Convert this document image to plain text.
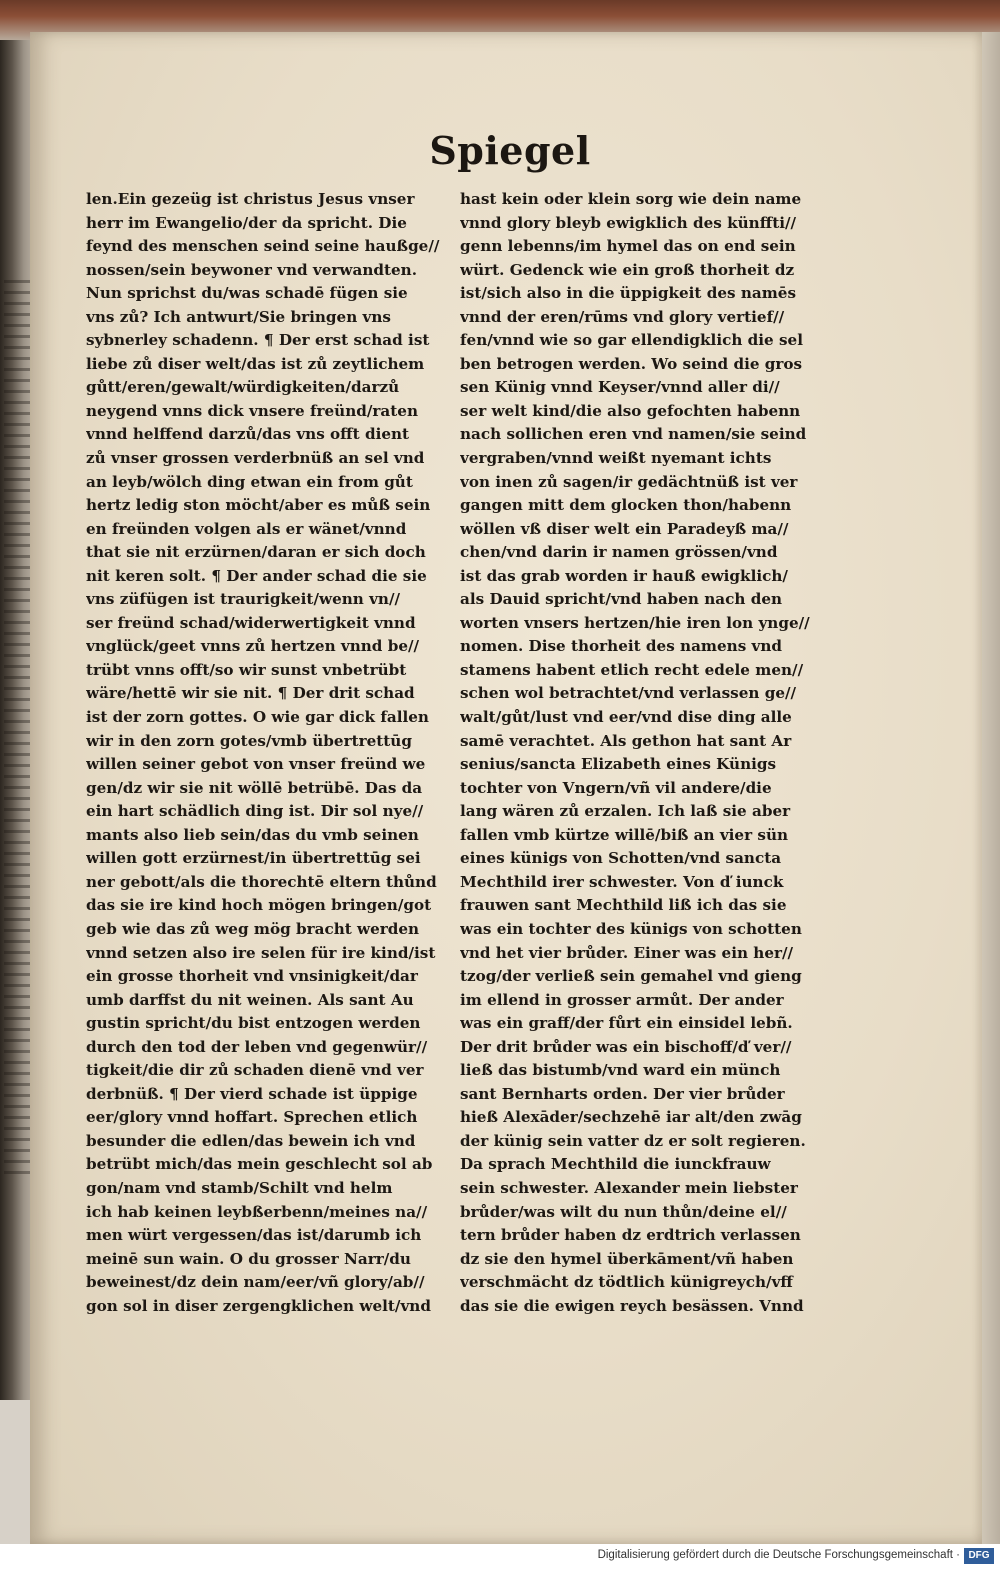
Spiegel
len.Ein gezeüg ist christus Jesus vnser
herr im Ewangelio/der da spricht. Die
feynd des menschen seind seine haußge//
nossen/sein beywoner vnd verwandten.
Nun sprichst du/was schadē fügen sie
vns zů? Ich antwurt/Sie bringen vns
sybnerley schadenn. ¶ Der erst schad ist
liebe zů diser welt/das ist zů zeytlichem
gůtt/eren/gewalt/würdigkeiten/darzů
neygend vnns dick vnsere freünd/raten
vnnd helffend darzů/das vns offt dient
zů vnser grossen verderbnüß an sel vnd
an leyb/wölch ding etwan ein from gůt
hertz ledig ston möcht/aber es můß sein
en freünden volgen als er wänet/vnnd
that sie nit erzürnen/daran er sich doch
nit keren solt. ¶ Der ander schad die sie
vns züfügen ist traurigkeit/wenn vn//
ser freünd schad/widerwertigkeit vnnd
vnglück/geet vnns zů hertzen vnnd be//
trübt vnns offt/so wir sunst vnbetrübt
wäre/hettē wir sie nit. ¶ Der drit schad
ist der zorn gottes. O wie gar dick fallen
wir in den zorn gotes/vmb übertrettūg
willen seiner gebot von vnser freünd we
gen/dz wir sie nit wöllē betrübē. Das da
ein hart schädlich ding ist. Dir sol nye//
mants also lieb sein/das du vmb seinen
willen gott erzürnest/in übertrettūg sei
ner gebott/als die thorechtē eltern thůnd
das sie ire kind hoch mögen bringen/got
geb wie das zů weg mög bracht werden
vnnd setzen also ire selen für ire kind/ist
ein grosse thorheit vnd vnsinigkeit/dar
umb darffst du nit weinen. Als sant Au
gustin spricht/du bist entzogen werden
durch den tod der leben vnd gegenwür//
tigkeit/die dir zů schaden dienē vnd ver
derbnüß. ¶ Der vierd schade ist üppige
eer/glory vnnd hoffart. Sprechen etlich
besunder die edlen/das bewein ich vnd
betrübt mich/das mein geschlecht sol ab
gon/nam vnd stamb/Schilt vnd helm
ich hab keinen leybßerbenn/meines na//
men würt vergessen/das ist/darumb ich
meinē sun wain. O du grosser Narr/du
beweinest/dz dein nam/eer/vñ glory/ab//
gon sol in diser zergengklichen welt/vnd
hast kein oder klein sorg wie dein name
vnnd glory bleyb ewigklich des künffti//
genn lebenns/im hymel das on end sein
würt. Gedenck wie ein groß thorheit dz
ist/sich also in die üppigkeit des namēs
vnnd der eren/rūms vnd glory vertief//
fen/vnnd wie so gar ellendigklich die sel
ben betrogen werden. Wo seind die gros
sen Künig vnnd Keyser/vnnd aller di//
ser welt kind/die also gefochten habenn
nach sollichen eren vnd namen/sie seind
vergraben/vnnd weißt nyemant ichts
von inen zů sagen/ir gedächtnüß ist ver
gangen mitt dem glocken thon/habenn
wöllen vß diser welt ein Paradeyß ma//
chen/vnd darin ir namen grössen/vnd
ist das grab worden ir hauß ewigklich/
als Dauid spricht/vnd haben nach den
worten vnsers hertzen/hie iren lon ynge//
nomen. Dise thorheit des namens vnd
stamens habent etlich recht edele men//
schen wol betrachtet/vnd verlassen ge//
walt/gůt/lust vnd eer/vnd dise ding alle
samē verachtet. Als gethon hat sant Ar
senius/sancta Elizabeth eines Künigs
tochter von Vngern/vñ vil andere/die
lang wären zů erzalen. Ich laß sie aber
fallen vmb kürtze willē/biß an vier sün
eines künigs von Schotten/vnd sancta
Mechthild irer schwester. Von ď iunck
frauwen sant Mechthild liß ich das sie
was ein tochter des künigs von schotten
vnd het vier brůder. Einer was ein her//
tzog/der verließ sein gemahel vnd gieng
im ellend in grosser armůt. Der ander
was ein graff/der fůrt ein einsidel lebñ.
Der drit brůder was ein bischoff/ď ver//
ließ das bistumb/vnd ward ein münch
sant Bernharts orden. Der vier brůder
hieß Alexāder/sechzehē iar alt/den zwāg
der künig sein vatter dz er solt regieren.
Da sprach Mechthild die iunckfrauw
sein schwester. Alexander mein liebster
brůder/was wilt du nun thůn/deine el//
tern brůder haben dz erdtrich verlassen
dz sie den hymel überkāment/vñ haben
verschmächt dz tödtlich künigreych/vff
das sie die ewigen reych besässen. Vnnd
Digitalisierung gefördert durch die Deutsche Forschungsgemeinschaft · DFG
